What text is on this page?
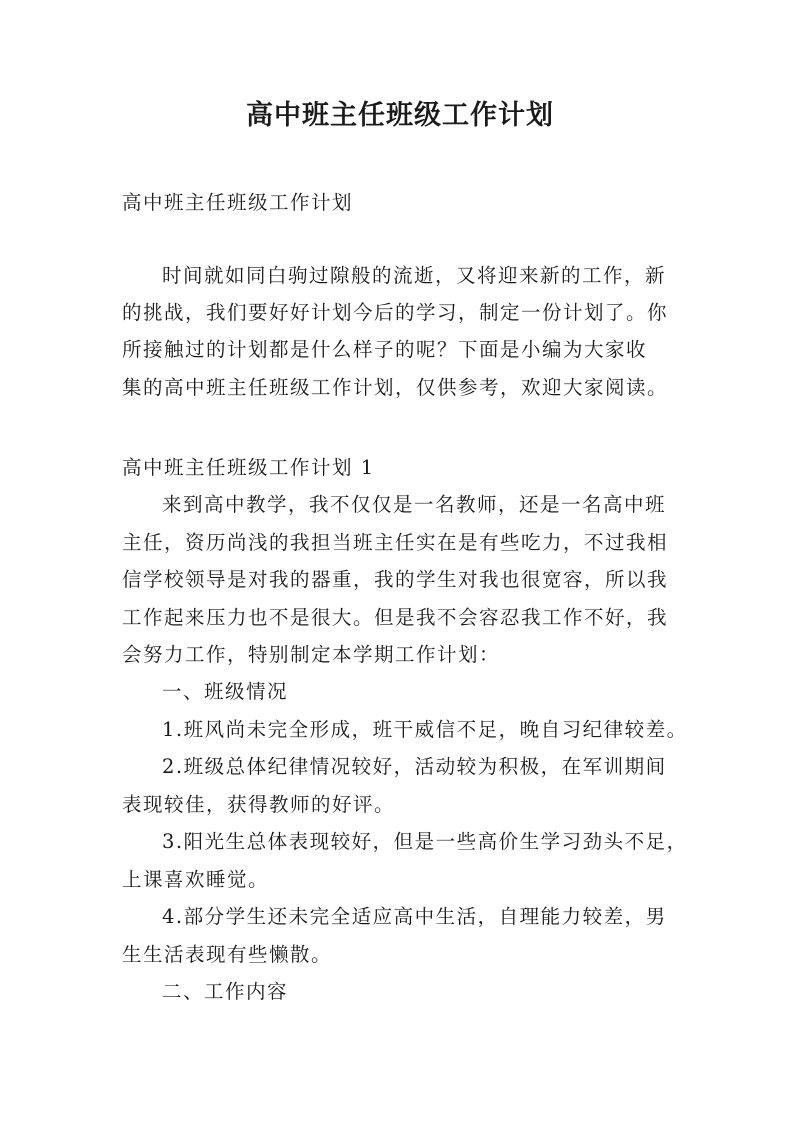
高中班主任班级工作计划
高中班主任班级工作计划
时间就如同白驹过隙般的流逝，又将迎来新的工作，新
的挑战，我们要好好计划今后的学习，制定一份计划了。你
所接触过的计划都是什么样子的呢？下面是小编为大家收
集的高中班主任班级工作计划，仅供参考，欢迎大家阅读。
高中班主任班级工作计划 1
来到高中教学，我不仅仅是一名教师，还是一名高中班
主任，资历尚浅的我担当班主任实在是有些吃力，不过我相
信学校领导是对我的器重，我的学生对我也很宽容，所以我
工作起来压力也不是很大。但是我不会容忍我工作不好，我
会努力工作，特别制定本学期工作计划：
一、班级情况
1.班风尚未完全形成，班干威信不足，晚自习纪律较差。
2.班级总体纪律情况较好，活动较为积极，在军训期间
表现较佳，获得教师的好评。
3.阳光生总体表现较好，但是一些高价生学习劲头不足，
上课喜欢睡觉。
4.部分学生还未完全适应高中生活，自理能力较差，男
生生活表现有些懒散。
二、工作内容
